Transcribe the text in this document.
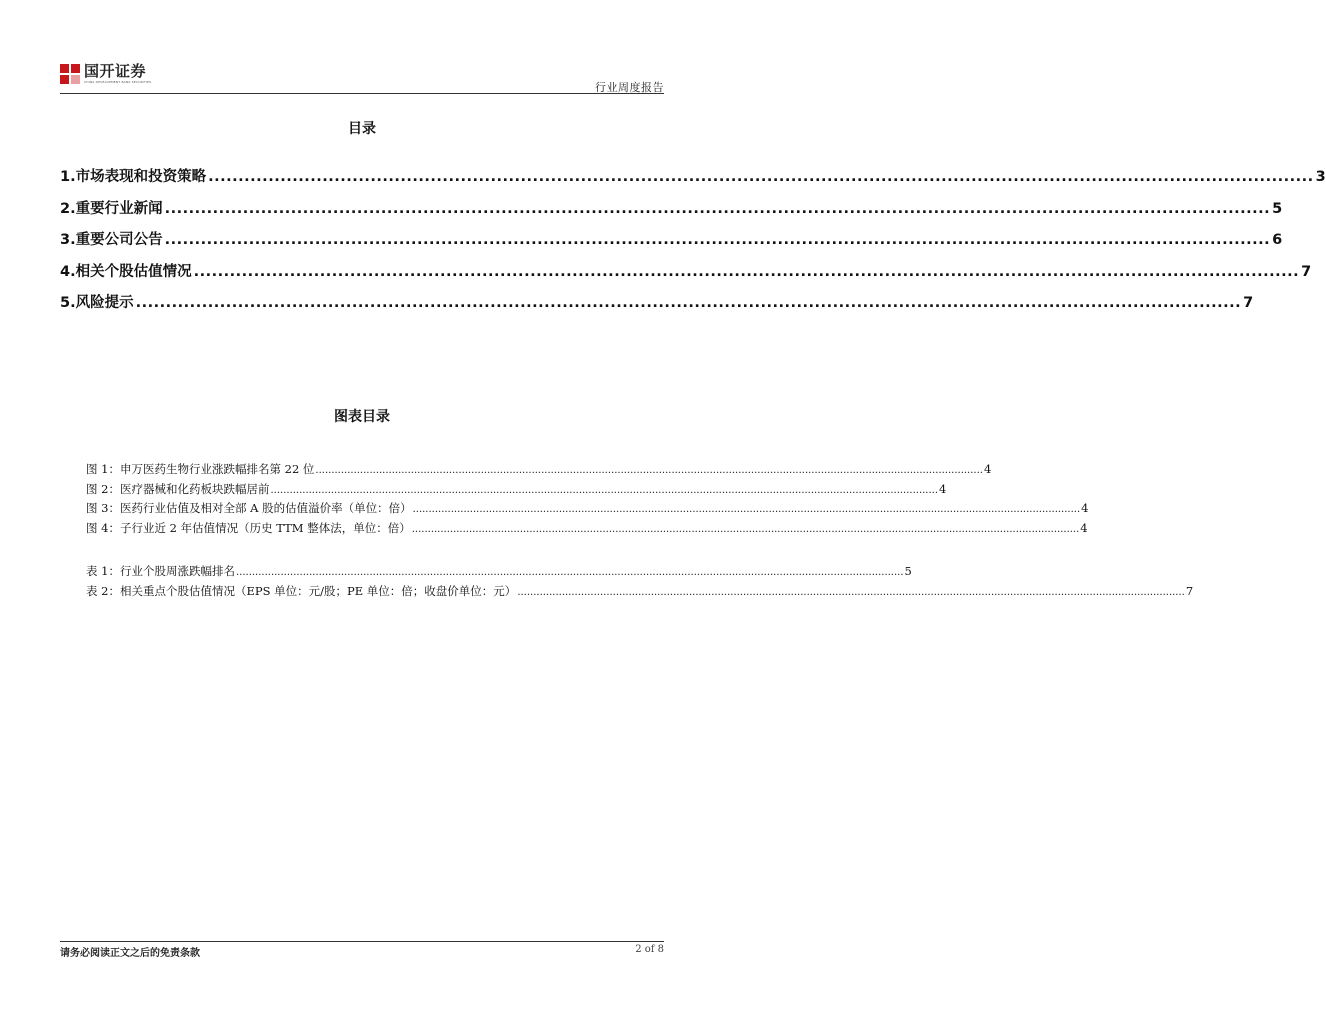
国开证券
CHINA DEVELOPMENT BANK SECURITIES	行业周度报告
目录
1.市场表现和投资策略 ........................................................................................................................................................................................ 3
2.重要行业新闻 ........................................................................................................................................................................................ 5
3.重要公司公告 ........................................................................................................................................................................................ 6
4.相关个股估值情况 ........................................................................................................................................................................................ 7
5.风险提示 ........................................................................................................................................................................................ 7
图表目录
图 1：申万医药生物行业涨跌幅排名第 22 位 .................................................................................................................................................................................................................. 4
图 2：医疗器械和化药板块跌幅居前 .................................................................................................................................................................................................................. 4
图 3：医药行业估值及相对全部 A 股的估值溢价率（单位：倍） .................................................................................................................................................................................................................. 4
图 4：子行业近 2 年估值情况（历史 TTM 整体法，单位：倍） .................................................................................................................................................................................................................. 4
表 1：行业个股周涨跌幅排名 .................................................................................................................................................................................................................. 5
表 2：相关重点个股估值情况（EPS 单位：元/股；PE 单位：倍；收盘价单位：元） .................................................................................................................................................................................................................. 7
请务必阅读正文之后的免责条款	2 of 8
